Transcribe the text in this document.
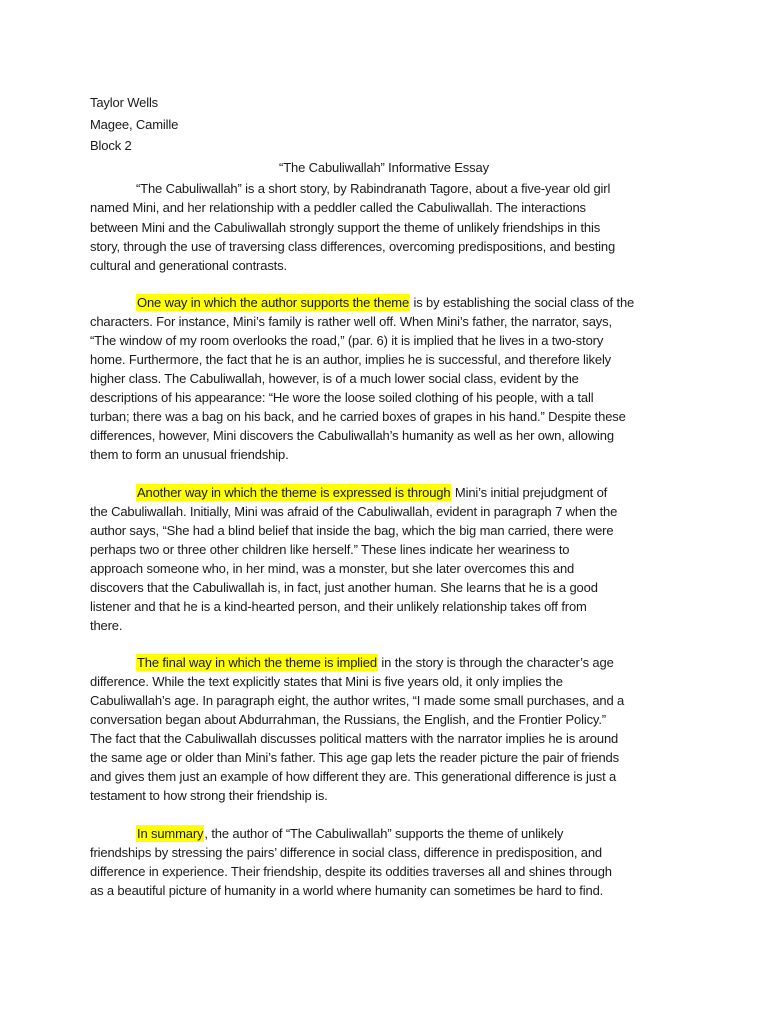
Taylor Wells
Magee, Camille
Block 2
“The Cabuliwallah” Informative Essay
“The Cabuliwallah” is a short story, by Rabindranath Tagore, about a five-year old girl
named Mini, and her relationship with a peddler called the Cabuliwallah. The interactions
between Mini and the Cabuliwallah strongly support the theme of unlikely friendships in this
story, through the use of traversing class differences, overcoming predispositions, and besting
cultural and generational contrasts.
One way in which the author supports the theme is by establishing the social class of the
characters. For instance, Mini’s family is rather well off. When Mini’s father, the narrator, says,
“The window of my room overlooks the road,” (par. 6) it is implied that he lives in a two-story
home. Furthermore, the fact that he is an author, implies he is successful, and therefore likely
higher class. The Cabuliwallah, however, is of a much lower social class, evident by the
descriptions of his appearance: “He wore the loose soiled clothing of his people, with a tall
turban; there was a bag on his back, and he carried boxes of grapes in his hand.” Despite these
differences, however, Mini discovers the Cabuliwallah’s humanity as well as her own, allowing
them to form an unusual friendship.
Another way in which the theme is expressed is through Mini’s initial prejudgment of
the Cabuliwallah. Initially, Mini was afraid of the Cabuliwallah, evident in paragraph 7 when the
author says, “She had a blind belief that inside the bag, which the big man carried, there were
perhaps two or three other children like herself.” These lines indicate her weariness to
approach someone who, in her mind, was a monster, but she later overcomes this and
discovers that the Cabuliwallah is, in fact, just another human. She learns that he is a good
listener and that he is a kind-hearted person, and their unlikely relationship takes off from
there.
The final way in which the theme is implied in the story is through the character’s age
difference. While the text explicitly states that Mini is five years old, it only implies the
Cabuliwallah’s age. In paragraph eight, the author writes, “I made some small purchases, and a
conversation began about Abdurrahman, the Russians, the English, and the Frontier Policy.”
The fact that the Cabuliwallah discusses political matters with the narrator implies he is around
the same age or older than Mini’s father. This age gap lets the reader picture the pair of friends
and gives them just an example of how different they are. This generational difference is just a
testament to how strong their friendship is.
In summary, the author of “The Cabuliwallah” supports the theme of unlikely
friendships by stressing the pairs’ difference in social class, difference in predisposition, and
difference in experience. Their friendship, despite its oddities traverses all and shines through
as a beautiful picture of humanity in a world where humanity can sometimes be hard to find.
